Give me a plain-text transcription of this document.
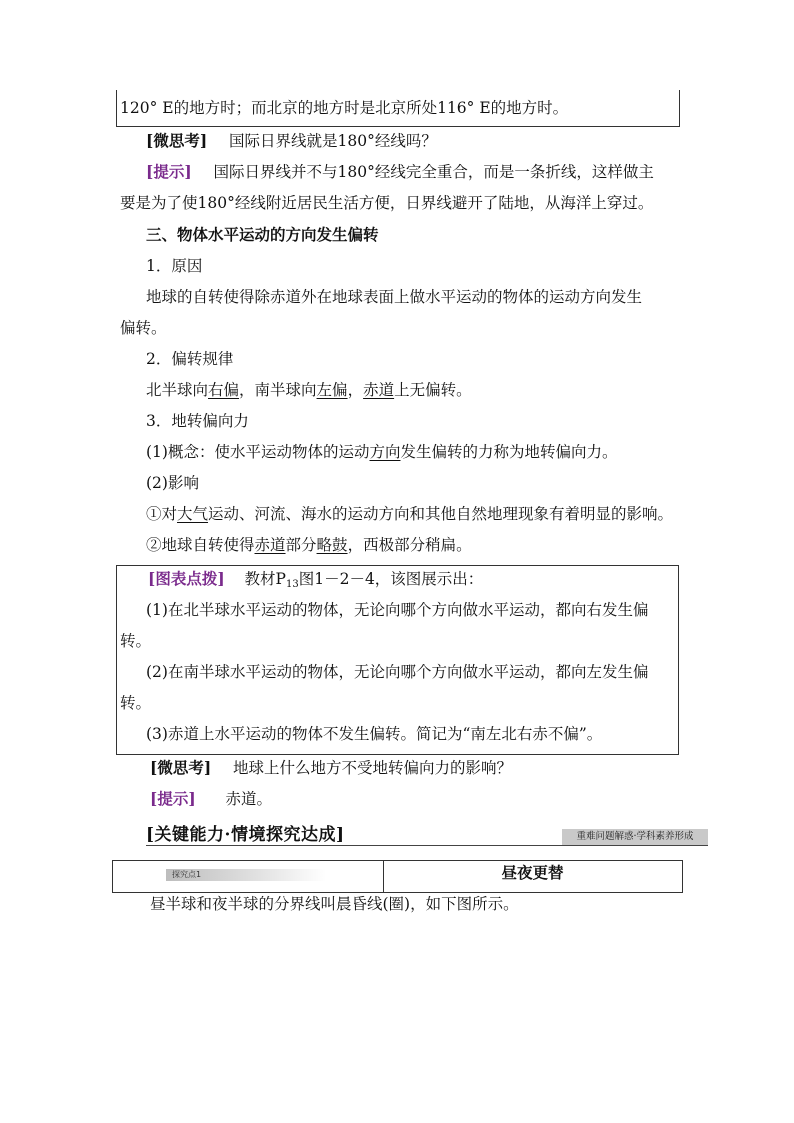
120° E的地方时；而北京的地方时是北京所处116° E的地方时。
[微思考] 国际日界线就是180°经线吗？
[提示] 国际日界线并不与180°经线完全重合，而是一条折线，这样做主
要是为了使180°经线附近居民生活方便，日界线避开了陆地，从海洋上穿过。
三、物体水平运动的方向发生偏转
1．原因
地球的自转使得除赤道外在地球表面上做水平运动的物体的运动方向发生
偏转。
2．偏转规律
北半球向右偏，南半球向左偏，赤道上无偏转。
3．地转偏向力
(1)概念：使水平运动物体的运动方向发生偏转的力称为地转偏向力。
(2)影响
①对大气运动、河流、海水的运动方向和其他自然地理现象有着明显的影响。
②地球自转使得赤道部分略鼓，西极部分稍扁。
[图表点拨] 教材$P_{13}$图1－2－4，该图展示出：
(1)在北半球水平运动的物体，无论向哪个方向做水平运动，都向右发生偏
转。
(2)在南半球水平运动的物体，无论向哪个方向做水平运动，都向左发生偏
转。
(3)赤道上水平运动的物体不发生偏转。简记为“南左北右赤不偏”。
[微思考] 地球上什么地方不受地转偏向力的影响？
[提示] 赤道。
[关键能力·情境探究达成]	重难问题解惑·学科素养形成
探究点1	昼夜更替
昼半球和夜半球的分界线叫晨昏线(圈)，如下图所示。
